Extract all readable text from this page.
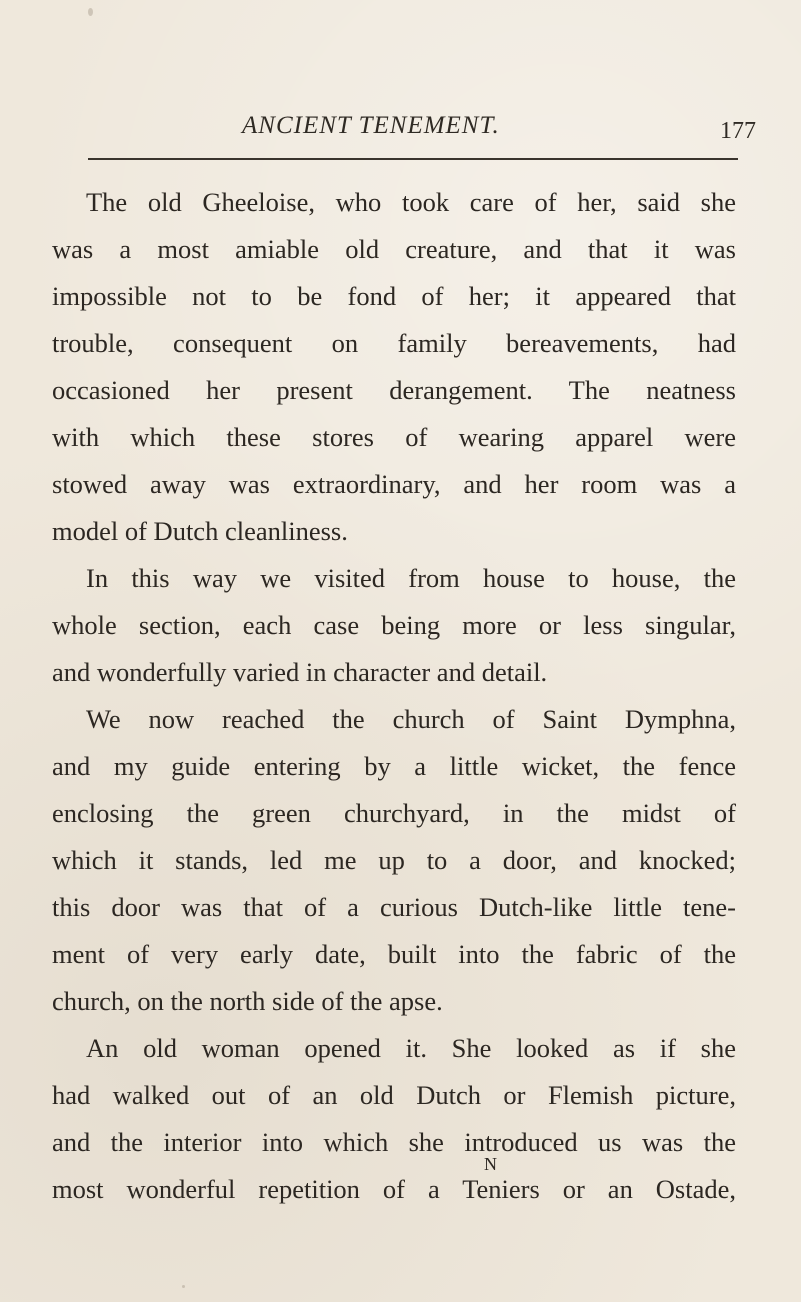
ANCIENT TENEMENT.	177

The old Gheeloise, who took care of her, said she

was a most amiable old creature, and that it was

impossible not to be fond of her; it appeared that

trouble, consequent on family bereavements, had

occasioned her present derangement. The neatness

with which these stores of wearing apparel were

stowed away was extraordinary, and her room was a

model of Dutch cleanliness.

In this way we visited from house to house, the

whole section, each case being more or less singular,

and wonderfully varied in character and detail.

We now reached the church of Saint Dymphna,

and my guide entering by a little wicket, the fence

enclosing the green churchyard, in the midst of

which it stands, led me up to a door, and knocked;

this door was that of a curious Dutch-like little tene-

ment of very early date, built into the fabric of the

church, on the north side of the apse.

An old woman opened it. She looked as if she

had walked out of an old Dutch or Flemish picture,

and the interior into which she introduced us was the

most wonderful repetition of a Teniers or an Ostade,

N
